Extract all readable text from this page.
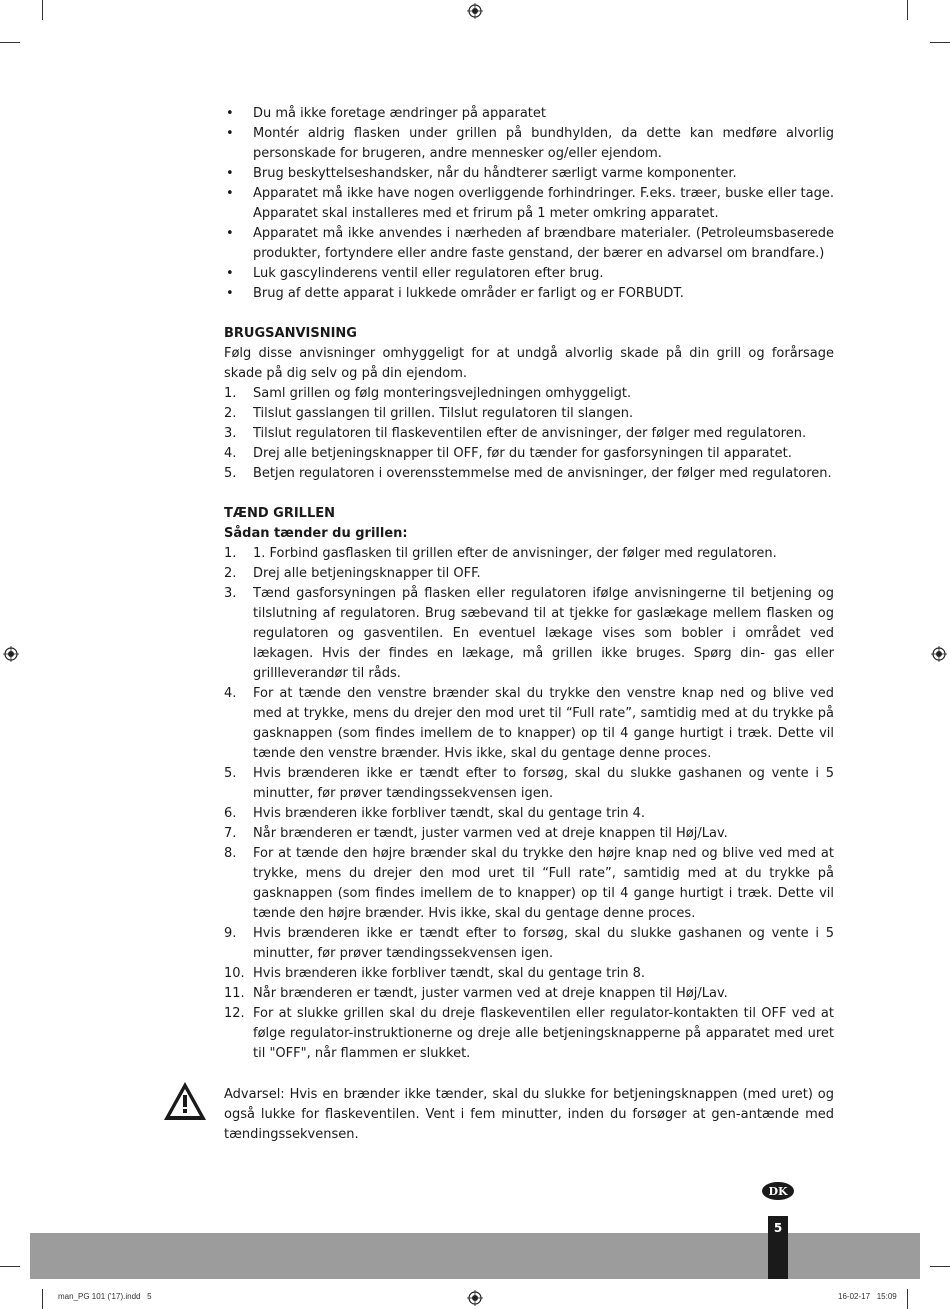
• Du må ikke foretage ændringer på apparatet
• Montér aldrig flasken under grillen på bundhylden, da dette kan medføre alvorlig personskade for brugeren, andre mennesker og/eller ejendom.
• Brug beskyttelseshandsker, når du håndterer særligt varme komponenter.
• Apparatet må ikke have nogen overliggende forhindringer. F.eks. træer, buske eller tage. Apparatet skal installeres med et frirum på 1 meter omkring apparatet.
• Apparatet må ikke anvendes i nærheden af brændbare materialer. (Petroleumsbaserede produkter, fortyndere eller andre faste genstand, der bærer en advarsel om brandfare.)
• Luk gascylinderens ventil eller regulatoren efter brug.
• Brug af dette apparat i lukkede områder er farligt og er FORBUDT.
BRUGSANVISNING

Følg disse anvisninger omhyggeligt for at undgå alvorlig skade på din grill og forårsage skade på dig selv og på din ejendom.

1. Saml grillen og følg monteringsvejledningen omhyggeligt.
2. Tilslut gasslangen til grillen. Tilslut regulatoren til slangen.
3. Tilslut regulatoren til flaskeventilen efter de anvisninger, der følger med regulatoren.
4. Drej alle betjeningsknapper til OFF, før du tænder for gasforsyningen til apparatet.
5. Betjen regulatoren i overensstemmelse med de anvisninger, der følger med regulatoren.
TÆND GRILLEN
Sådan tænder du grillen:
1. 1. Forbind gasflasken til grillen efter de anvisninger, der følger med regulatoren.
2. Drej alle betjeningsknapper til OFF.
3. Tænd gasforsyningen på flasken eller regulatoren ifølge anvisningerne til betjening og tilslutning af regulatoren. Brug sæbevand til at tjekke for gaslækage mellem flasken og regulatoren og gasventilen. En eventuel lækage vises som bobler i området ved lækagen. Hvis der findes en lækage, må grillen ikke bruges. Spørg din- gas eller grillleverandør til råds.
4. For at tænde den venstre brænder skal du trykke den venstre knap ned og blive ved med at trykke, mens du drejer den mod uret til “Full rate”, samtidig med at du trykke på gasknappen (som findes imellem de to knapper) op til 4 gange hurtigt i træk. Dette vil tænde den venstre brænder. Hvis ikke, skal du gentage denne proces.
5. Hvis brænderen ikke er tændt efter to forsøg, skal du slukke gashanen og vente i 5 minutter, før prøver tændingssekvensen igen.
6. Hvis brænderen ikke forbliver tændt, skal du gentage trin 4.
7. Når brænderen er tændt, juster varmen ved at dreje knappen til Høj/Lav.
8. For at tænde den højre brænder skal du trykke den højre knap ned og blive ved med at trykke, mens du drejer den mod uret til “Full rate”, samtidig med at du trykke på gasknappen (som findes imellem de to knapper) op til 4 gange hurtigt i træk. Dette vil tænde den højre brænder. Hvis ikke, skal du gentage denne proces.
9. Hvis brænderen ikke er tændt efter to forsøg, skal du slukke gashanen og vente i 5 minutter, før prøver tændingssekvensen igen.
10. Hvis brænderen ikke forbliver tændt, skal du gentage trin 8.
11. Når brænderen er tændt, juster varmen ved at dreje knappen til Høj/Lav.
12. For at slukke grillen skal du dreje flaskeventilen eller regulator-kontakten til OFF ved at følge regulator-instruktionerne og dreje alle betjeningsknapperne på apparatet med uret til "OFF", når flammen er slukket.
Advarsel: Hvis en brænder ikke tænder, skal du slukke for betjeningsknappen (med uret) og også lukke for flaskeventilen. Vent i fem minutter, inden du forsøger at gen-antænde med tændingssekvensen.
DK
5
man_PG 101 ('17).indd   5	16-02-17   15:09
